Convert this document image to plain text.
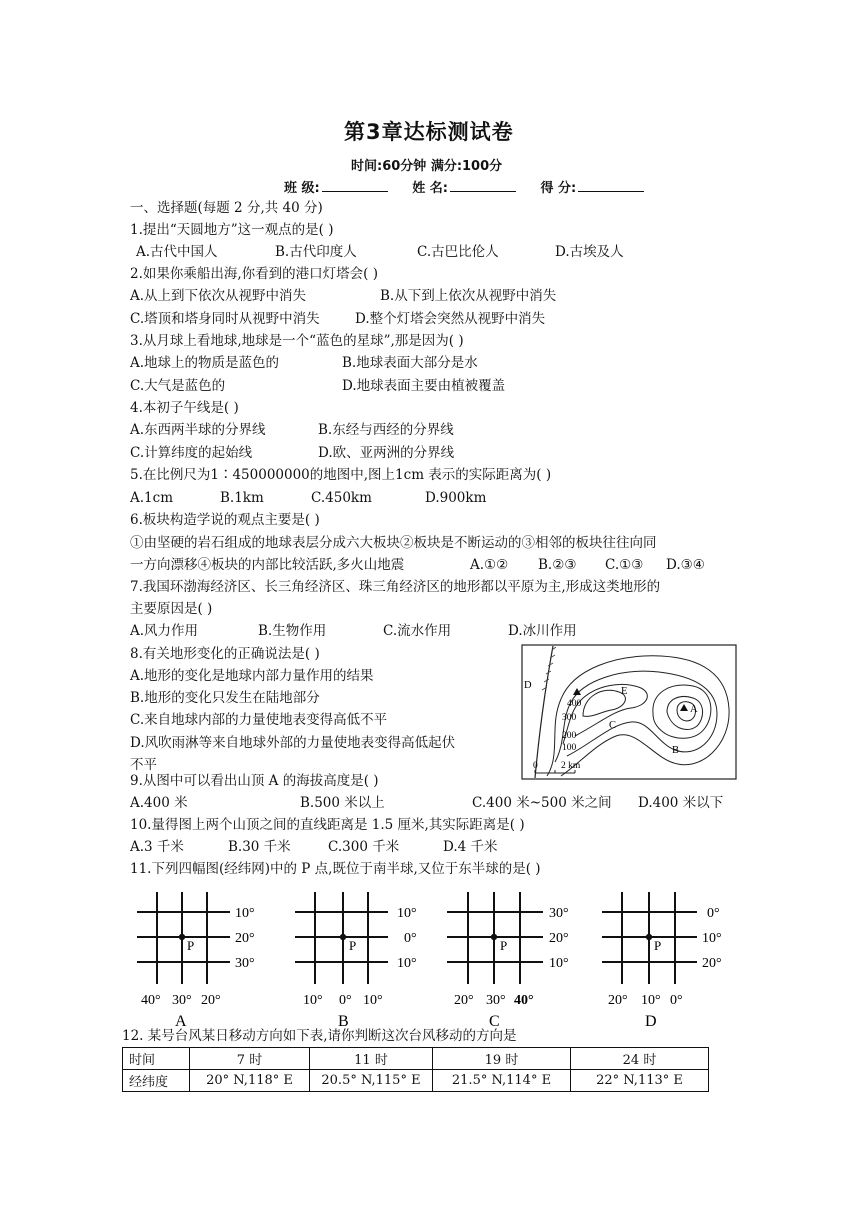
第3章达标测试卷
时间:60分钟 满分:100分
班 级:	姓 名:	得 分:
一、选择题(每题 2 分,共 40 分)
1.提出“天圆地方”这一观点的是( )
A.古代中国人	B.古代印度人	C.古巴比伦人	D.古埃及人
2.如果你乘船出海,你看到的港口灯塔会( )
A.从上到下依次从视野中消失	B.从下到上依次从视野中消失
C.塔顶和塔身同时从视野中消失	D.整个灯塔会突然从视野中消失
3.从月球上看地球,地球是一个“蓝色的星球”,那是因为( )
A.地球上的物质是蓝色的	B.地球表面大部分是水
C.大气是蓝色的	D.地球表面主要由植被覆盖
4.本初子午线是( )
A.东西两半球的分界线	B.东经与西经的分界线
C.计算纬度的起始线	D.欧、亚两洲的分界线
5.在比例尺为1∶450000000的地图中,图上1cm 表示的实际距离为( )
A.1cm	B.1km	C.450km	D.900km
6.板块构造学说的观点主要是( )
①由坚硬的岩石组成的地球表层分成六大板块②板块是不断运动的③相邻的板块往往向同
一方向漂移④板块的内部比较活跃,多火山地震	A.①② B.②③ C.①③ D.③④
7.我国环渤海经济区、长三角经济区、珠三角经济区的地形都以平原为主,形成这类地形的
主要原因是( )
A.风力作用	B.生物作用	C.流水作用	D.冰川作用
8.有关地形变化的正确说法是( )
A.地形的变化是地球内部力量作用的结果
B.地形的变化只发生在陆地部分
C.来自地球内部的力量使地表变得高低不平
D.风吹雨淋等来自地球外部的力量使地表变得高低起伏
不平
D
E
C
B
A
400
300
200
100
0 2 km
9.从图中可以看出山顶 A 的海拔高度是( )
A.400 米	B.500 米以上	C.400 米~500 米之间 D.400 米以下
10.量得图上两个山顶之间的直线距离是 1.5 厘米,其实际距离是( )
A.3 千米	B.30 千米	C.300 千米	D.4 千米
11.下列四幅图(经纬网)中的 P 点,既位于南半球,又位于东半球的是( )
P
10°
20°
30°
40° 30° 20°
A
P
10°
0°
10°
10° 0° 10°
B
P
30°
20°
10°
20° 30° 40°
C
P
0°
10°
20°
20° 10° 0°
D
12. 某号台风某日移动方向如下表,请你判断这次台风移动的方向是
时间	7 时	11 时	19 时	24 时
经纬度	20° N,118° E	20.5° N,115° E	21.5° N,114° E	22° N,113° E
